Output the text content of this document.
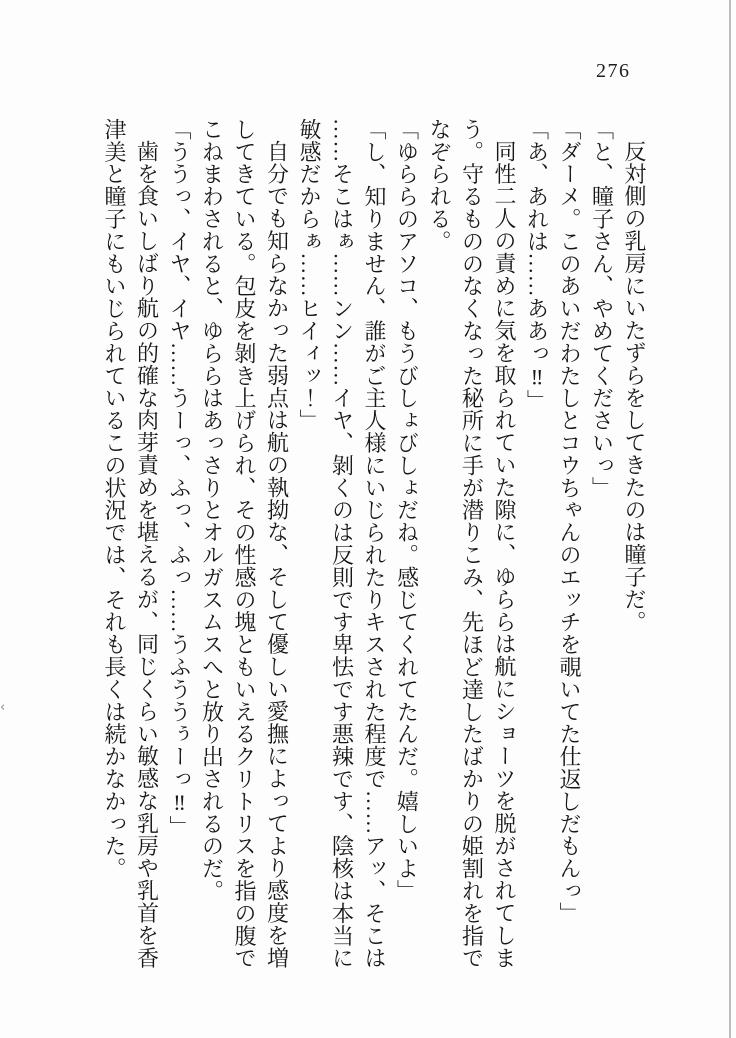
276
反対側の乳房にいたずらをしてきたのは瞳子だ。
「と、瞳子さん、やめてくださいっ」
「ダーメ。このあいだわたしとコウちゃんのエッチを覗いてた仕返しだもんっ」
「あ、あれは……ああっ‼」
同性二人の責めに気を取られていた隙に、ゆららは航にショーツを脱がされてしま
う。守るもののなくなった秘所に手が潜りこみ、先ほど達したばかりの姫割れを指で
なぞられる。
「ゆららのアソコ、もうびしょびしょだね。感じてくれてたんだ。嬉しいよ」
「し、知りません、誰がご主人様にいじられたりキスされた程度で……アッ、そこは
……そこはぁ……ンン……イヤ、剝くのは反則です卑怯です悪辣です、陰核は本当に
敏感だからぁ……ヒイィッ！」
自分でも知らなかった弱点は航の執拗な、そして優しい愛撫によってより感度を増
してきている。包皮を剝き上げられ、その性感の塊ともいえるクリトリスを指の腹で
こねまわされると、ゆららはあっさりとオルガスムスへと放り出されるのだ。
「ううっ、イヤ、イヤ……うーっ、ふっ、ふっ……うふううぅーっ‼」
歯を食いしばり航の的確な肉芽責めを堪えるが、同じくらい敏感な乳房や乳首を香
津美と瞳子にもいじられているこの状況では、それも長くは続かなかった。
‹
